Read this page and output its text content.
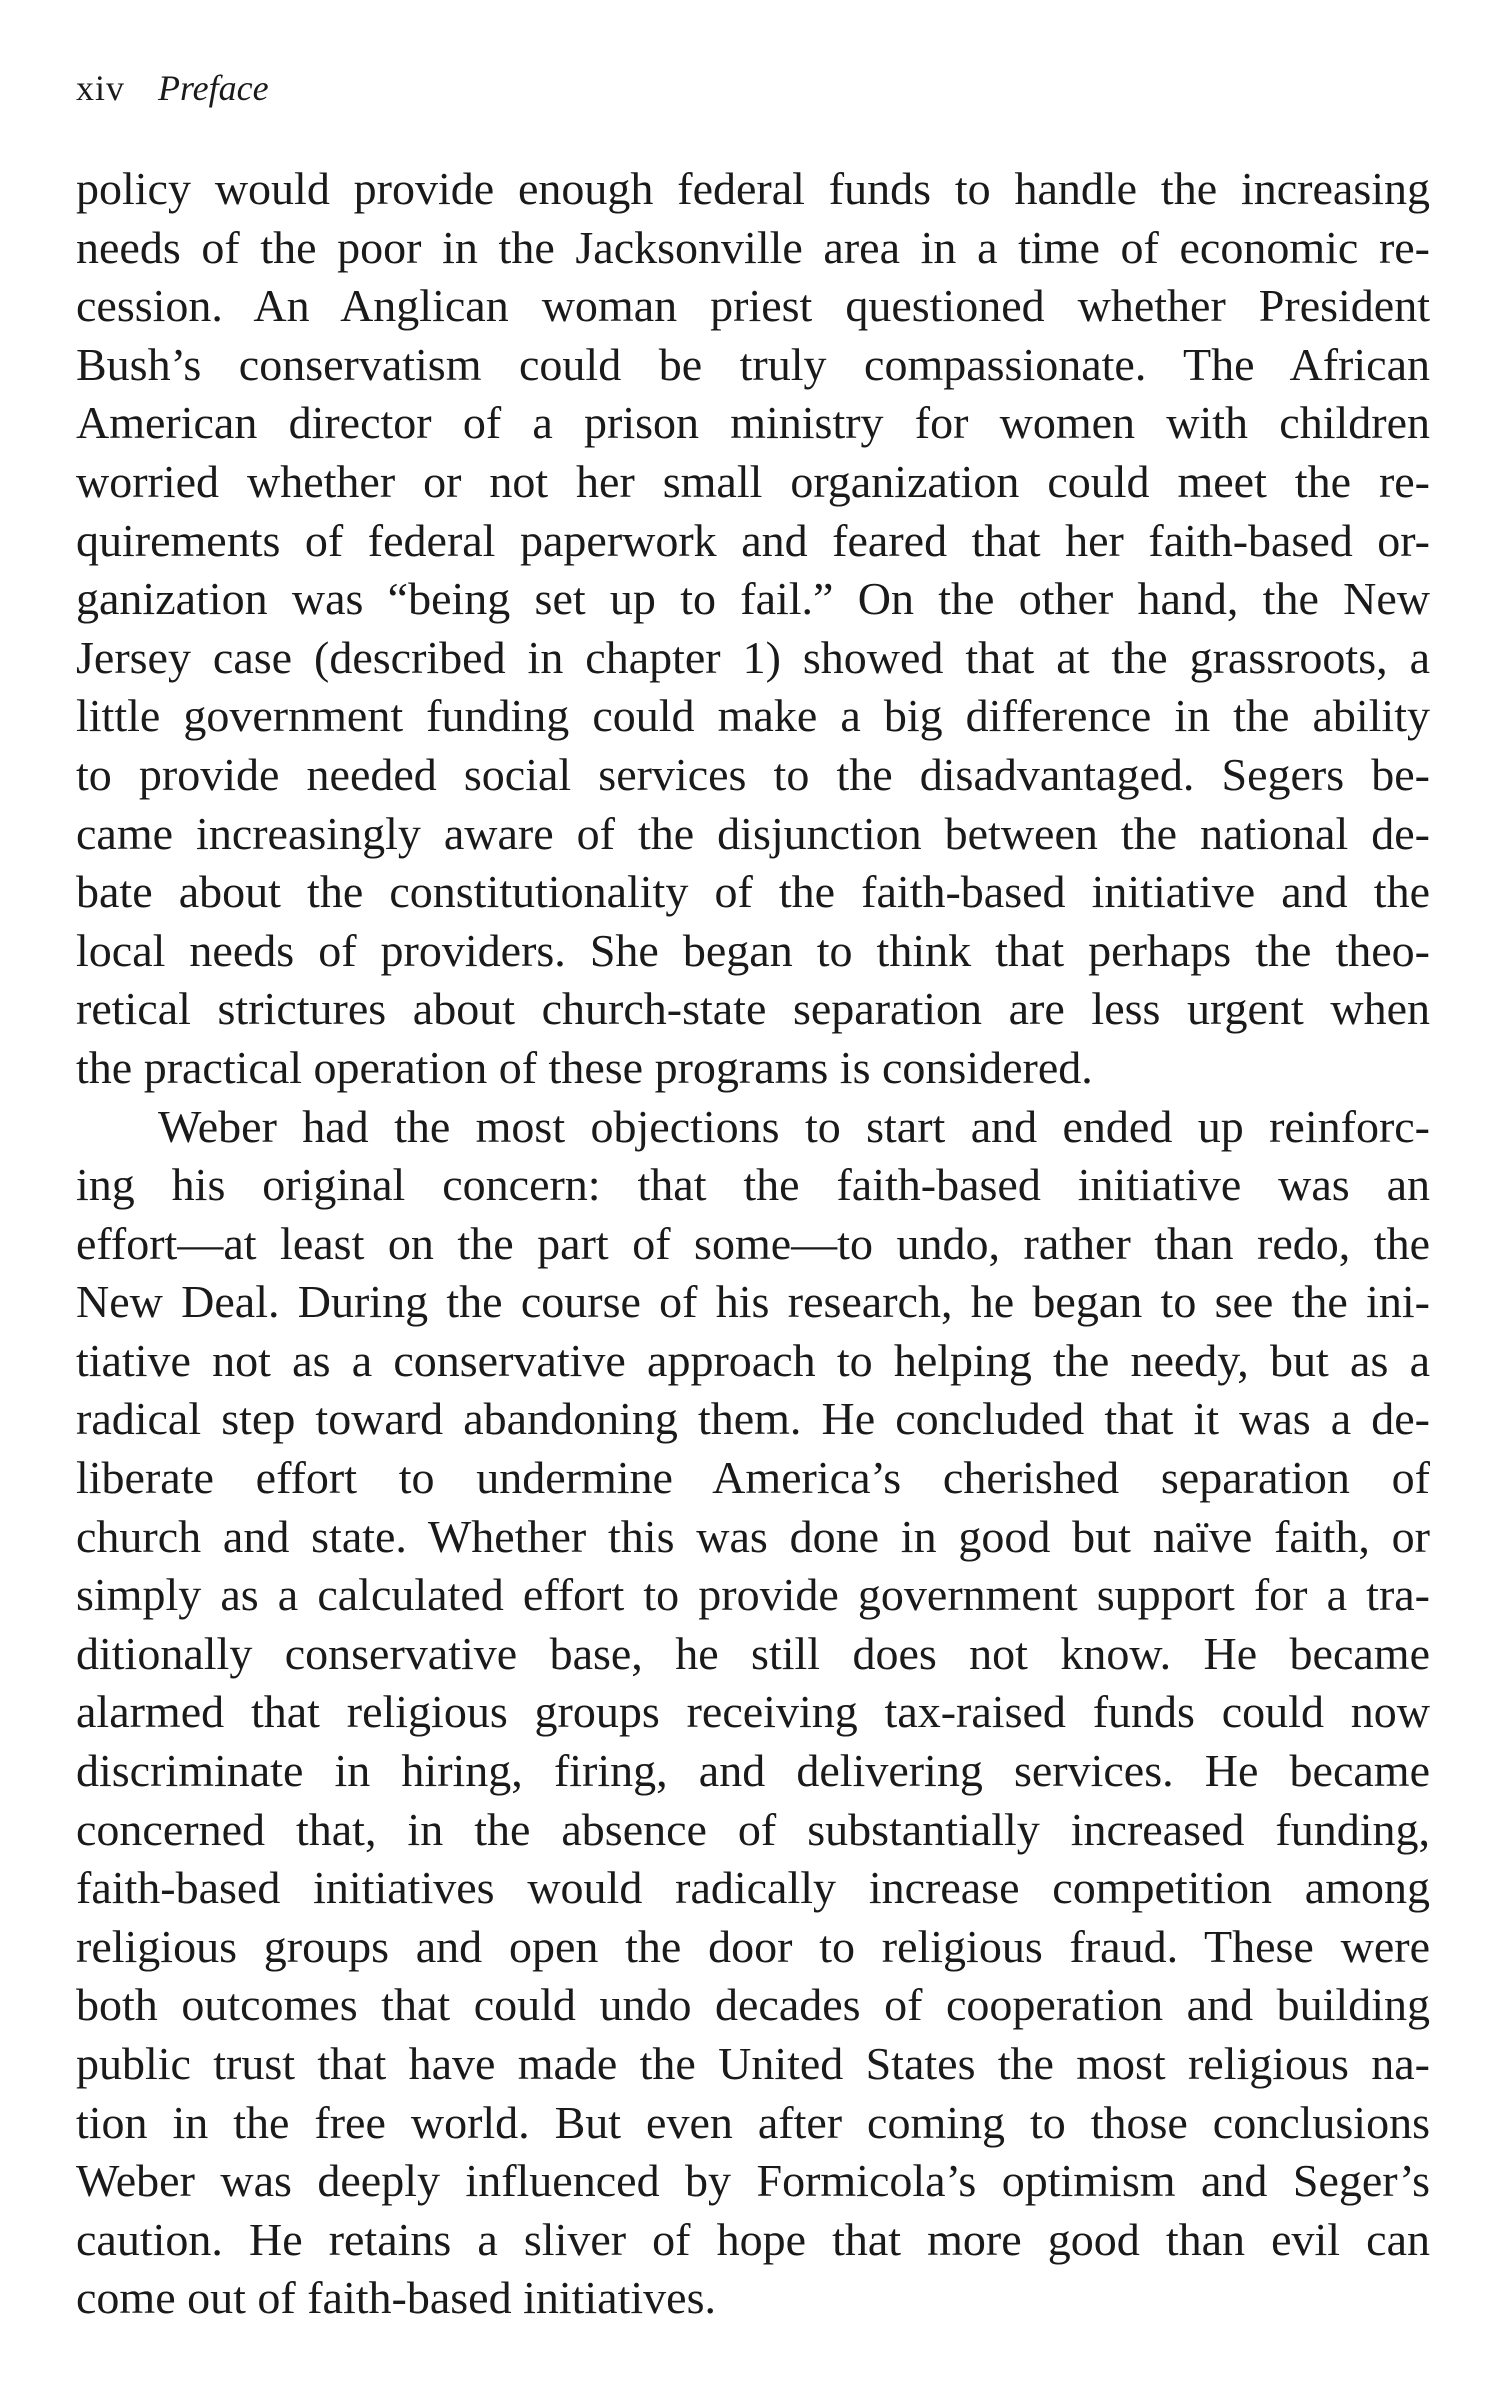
xiv Preface
policy would provide enough federal funds to handle the increasing
needs of the poor in the Jacksonville area in a time of economic re-
cession. An Anglican woman priest questioned whether President
Bush’s conservatism could be truly compassionate. The African
American director of a prison ministry for women with children
worried whether or not her small organization could meet the re-
quirements of federal paperwork and feared that her faith-based or-
ganization was “being set up to fail.” On the other hand, the New
Jersey case (described in chapter 1) showed that at the grassroots, a
little government funding could make a big difference in the ability
to provide needed social services to the disadvantaged. Segers be-
came increasingly aware of the disjunction between the national de-
bate about the constitutionality of the faith-based initiative and the
local needs of providers. She began to think that perhaps the theo-
retical strictures about church-state separation are less urgent when
the practical operation of these programs is considered.
Weber had the most objections to start and ended up reinforc-
ing his original concern: that the faith-based initiative was an
effort—at least on the part of some—to undo, rather than redo, the
New Deal. During the course of his research, he began to see the ini-
tiative not as a conservative approach to helping the needy, but as a
radical step toward abandoning them. He concluded that it was a de-
liberate effort to undermine America’s cherished separation of
church and state. Whether this was done in good but naïve faith, or
simply as a calculated effort to provide government support for a tra-
ditionally conservative base, he still does not know. He became
alarmed that religious groups receiving tax-raised funds could now
discriminate in hiring, firing, and delivering services. He became
concerned that, in the absence of substantially increased funding,
faith-based initiatives would radically increase competition among
religious groups and open the door to religious fraud. These were
both outcomes that could undo decades of cooperation and building
public trust that have made the United States the most religious na-
tion in the free world. But even after coming to those conclusions
Weber was deeply influenced by Formicola’s optimism and Seger’s
caution. He retains a sliver of hope that more good than evil can
come out of faith-based initiatives.
